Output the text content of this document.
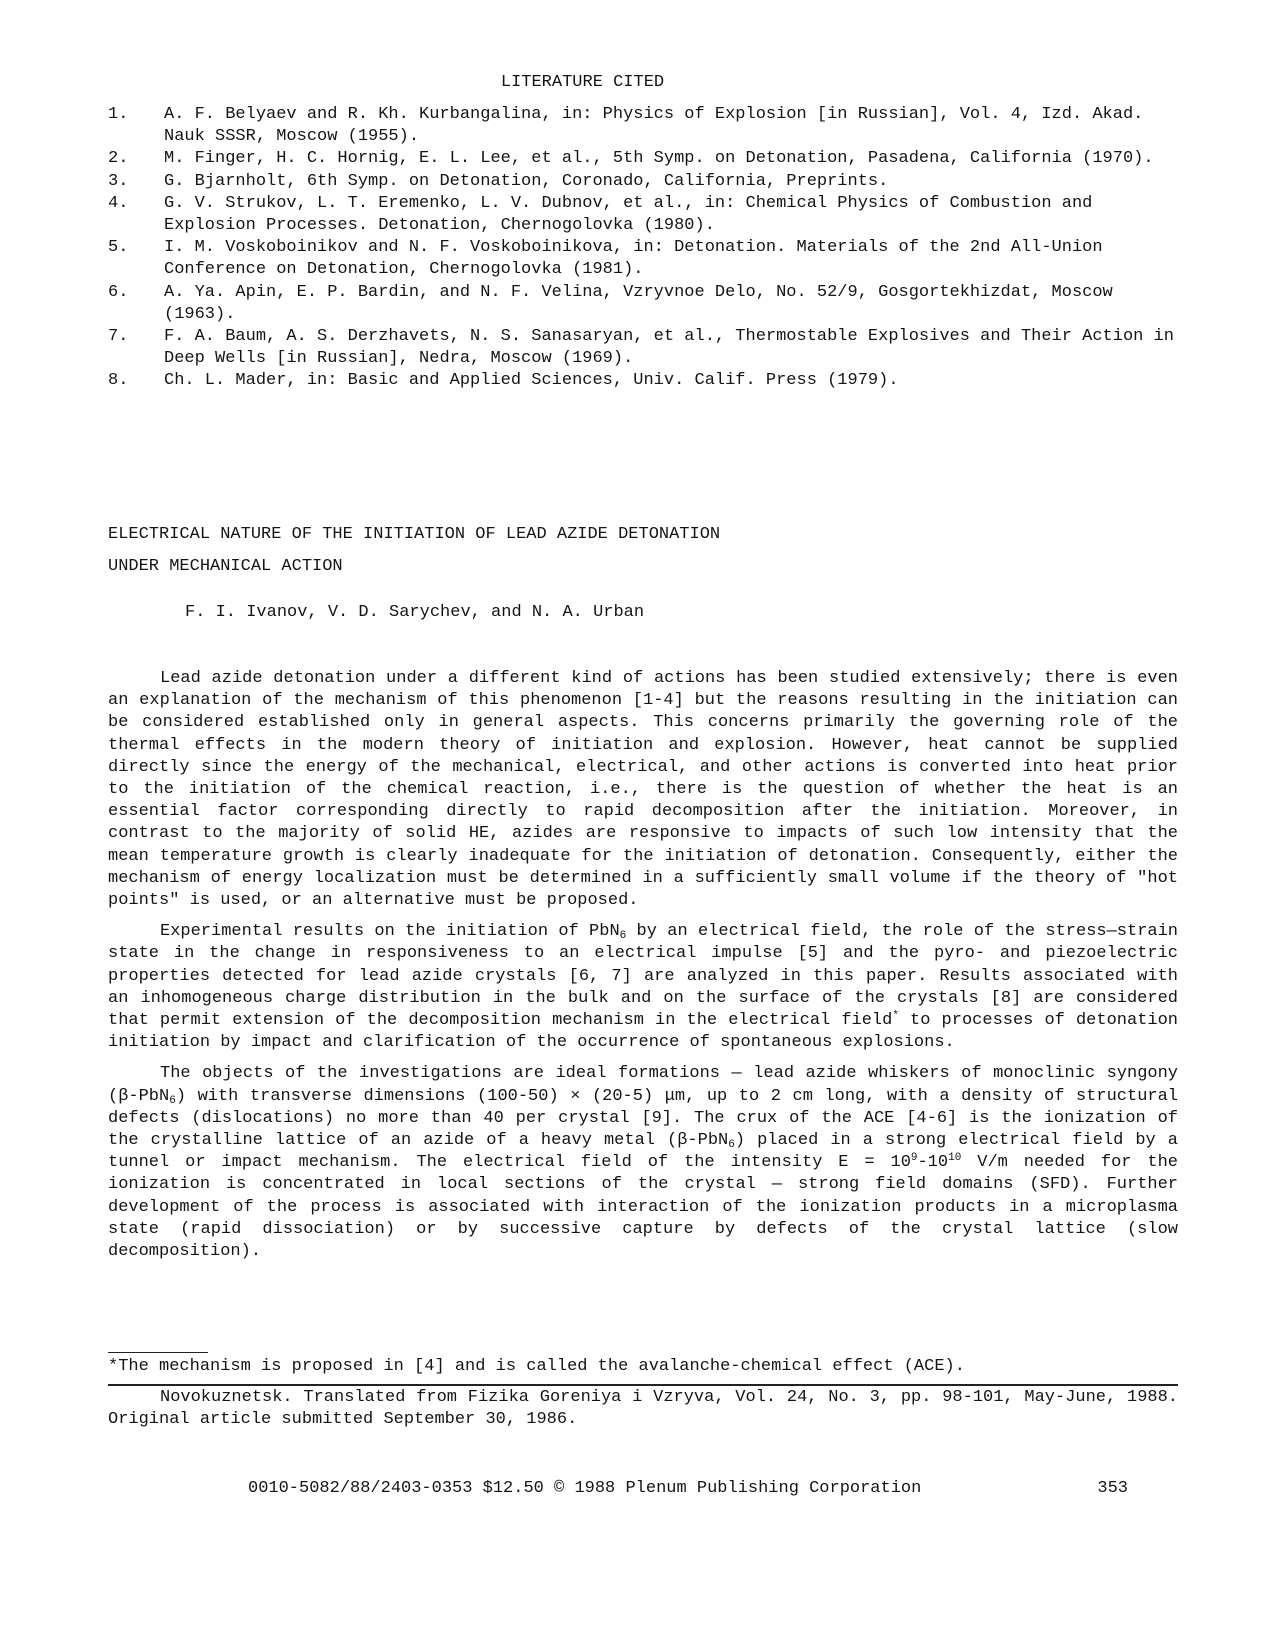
LITERATURE CITED
1.	A. F. Belyaev and R. Kh. Kurbangalina, in: Physics of Explosion [in Russian], Vol. 4, Izd. Akad. Nauk SSSR, Moscow (1955).
2.	M. Finger, H. C. Hornig, E. L. Lee, et al., 5th Symp. on Detonation, Pasadena, California (1970).
3.	G. Bjarnholt, 6th Symp. on Detonation, Coronado, California, Preprints.
4.	G. V. Strukov, L. T. Eremenko, L. V. Dubnov, et al., in: Chemical Physics of Combustion and Explosion Processes. Detonation, Chernogolovka (1980).
5.	I. M. Voskoboinikov and N. F. Voskoboinikova, in: Detonation. Materials of the 2nd All-Union Conference on Detonation, Chernogolovka (1981).
6.	A. Ya. Apin, E. P. Bardin, and N. F. Velina, Vzryvnoe Delo, No. 52/9, Gosgortekhizdat, Moscow (1963).
7.	F. A. Baum, A. S. Derzhavets, N. S. Sanasaryan, et al., Thermostable Explosives and Their Action in Deep Wells [in Russian], Nedra, Moscow (1969).
8.	Ch. L. Mader, in: Basic and Applied Sciences, Univ. Calif. Press (1979).
ELECTRICAL NATURE OF THE INITIATION OF LEAD AZIDE DETONATION
UNDER MECHANICAL ACTION
F. I. Ivanov, V. D. Sarychev, and N. A. Urban

Lead azide detonation under a different kind of actions has been studied extensively; there is even an explanation of the mechanism of this phenomenon [1-4] but the reasons resulting in the initiation can be considered established only in general aspects. This concerns primarily the governing role of the thermal effects in the modern theory of initiation and explosion. However, heat cannot be supplied directly since the energy of the mechanical, electrical, and other actions is converted into heat prior to the initiation of the chemical reaction, i.e., there is the question of whether the heat is an essential factor corresponding directly to rapid decomposition after the initiation. Moreover, in contrast to the majority of solid HE, azides are responsive to impacts of such low intensity that the mean temperature growth is clearly inadequate for the initiation of detonation. Consequently, either the mechanism of energy localization must be determined in a sufficiently small volume if the theory of "hot points" is used, or an alternative must be proposed.

Experimental results on the initiation of PbN$_6$ by an electrical field, the role of the stress—strain state in the change in responsiveness to an electrical impulse [5] and the pyro- and piezoelectric properties detected for lead azide crystals [6, 7] are analyzed in this paper. Results associated with an inhomogeneous charge distribution in the bulk and on the surface of the crystals [8] are considered that permit extension of the decomposition mechanism in the electrical field* to processes of detonation initiation by impact and clarification of the occurrence of spontaneous explosions.

The objects of the investigations are ideal formations — lead azide whiskers of monoclinic syngony (β-PbN$_6$) with transverse dimensions (100-50) × (20-5) μm, up to 2 cm long, with a density of structural defects (dislocations) no more than 40 per crystal [9]. The crux of the ACE [4-6] is the ionization of the crystalline lattice of an azide of a heavy metal (β-PbN$_6$) placed in a strong electrical field by a tunnel or impact mechanism. The electrical field of the intensity $E = 10^9-10^{10}$ V/m needed for the ionization is concentrated in local sections of the crystal — strong field domains (SFD). Further development of the process is associated with interaction of the ionization products in a microplasma state (rapid dissociation) or by successive capture by defects of the crystal lattice (slow decomposition).

*The mechanism is proposed in [4] and is called the avalanche-chemical effect (ACE).
Novokuznetsk. Translated from Fizika Goreniya i Vzryva, Vol. 24, No. 3, pp. 98-101, May-June, 1988. Original article submitted September 30, 1986.
0010-5082/88/2403-0353 $12.50 © 1988 Plenum Publishing Corporation	353
